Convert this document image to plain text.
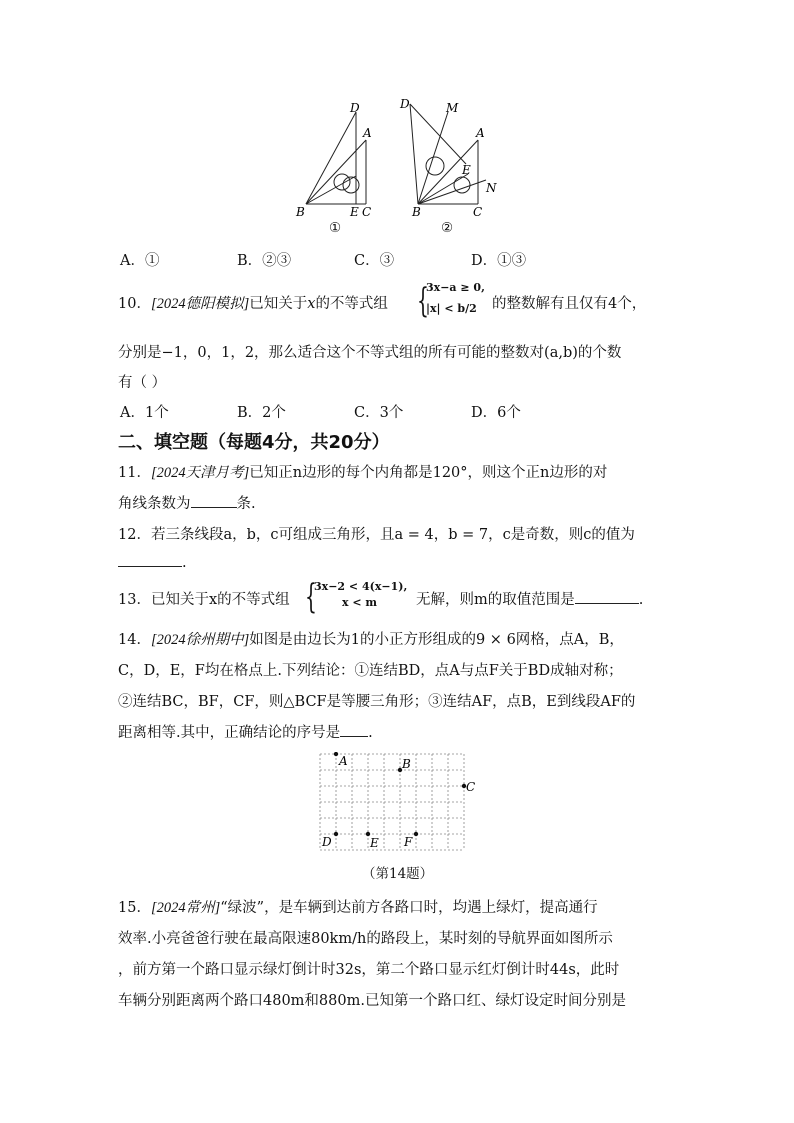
D
A
B	E C
D	M
A
E
N
B	C
①	②
A．①	B．②③	C．③	D．①③
10．[2024德阳模拟]已知关于x的不等式组 {
3x−a ≥ 0,
|x| < b/2 的整数解有且仅有4个，
分别是−1，0，1，2，那么适合这个不等式组的所有可能的整数对(a,b)的个数
有（ ）
A．1个	B．2个	C．3个	D．6个
二、填空题（每题4分，共20分）
11．[2024天津月考]已知正n边形的每个内角都是120°，则这个正n边形的对
角线条数为	条.
12．若三条线段a，b，c可组成三角形，且a = 4，b = 7，c是奇数，则c的值为
.
13．已知关于x的不等式组 {
3x−2 < 4(x−1),
x < m	无解，则m的取值范围是	.
14．[2024徐州期中]如图是由边长为1的小正方形组成的9 × 6网格，点A，B，
C，D，E，F均在格点上.下列结论：①连结BD，点A与点F关于BD成轴对称；
②连结BC，BF，CF，则△BCF是等腰三角形；③连结AF，点B，E到线段AF的
距离相等.其中，正确结论的序号是 .
A	B
C
D	E F
（第14题）
15．[2024常州]“绿波”，是车辆到达前方各路口时，均遇上绿灯，提高通行
效率.小亮爸爸行驶在最高限速80km/h的路段上，某时刻的导航界面如图所示
，前方第一个路口显示绿灯倒计时32s，第二个路口显示红灯倒计时44s，此时
车辆分别距离两个路口480m和880m.已知第一个路口红、绿灯设定时间分别是
